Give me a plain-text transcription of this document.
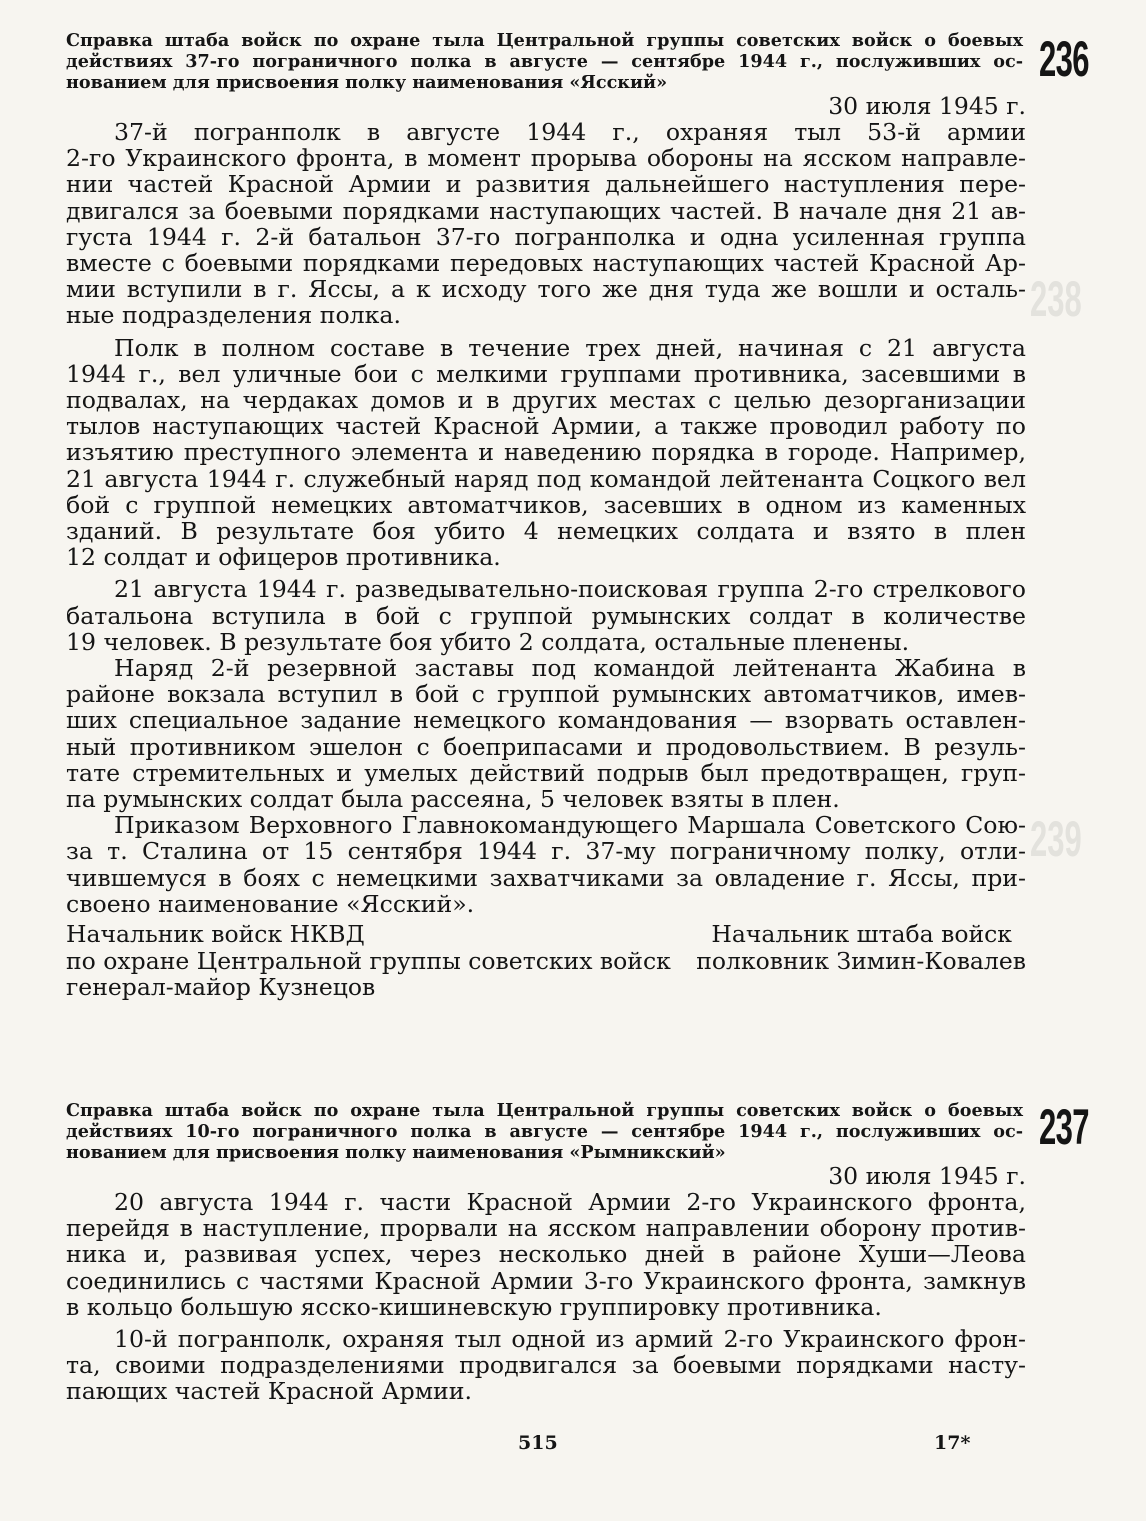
238
239
236
Справка штаба войск по охране тыла Центральной группы советских войск о боевых
действиях 37-го пограничного полка в августе — сентябре 1944 г., послуживших ос-
нованием для присвоения полку наименования «Ясский»
30 июля 1945 г.

37-й погранполк в августе 1944 г., охраняя тыл 53-й армии
2-го Украинского фронта, в момент прорыва обороны на ясском направле-
нии частей Красной Армии и развития дальнейшего наступления пере-
двигался за боевыми порядками наступающих частей. В начале дня 21 ав-
густа 1944 г. 2-й батальон 37-го погранполка и одна усиленная группа
вместе с боевыми порядками передовых наступающих частей Красной Ар-
мии вступили в г. Яссы, а к исходу того же дня туда же вошли и осталь-
ные подразделения полка.

Полк в полном составе в течение трех дней, начиная с 21 августа
1944 г., вел уличные бои с мелкими группами противника, засевшими в
подвалах, на чердаках домов и в других местах с целью дезорганизации
тылов наступающих частей Красной Армии, а также проводил работу по
изъятию преступного элемента и наведению порядка в городе. Например,
21 августа 1944 г. служебный наряд под командой лейтенанта Соцкого вел
бой с группой немецких автоматчиков, засевших в одном из каменных
зданий. В результате боя убито 4 немецких солдата и взято в плен
12 солдат и офицеров противника.

21 августа 1944 г. разведывательно-поисковая группа 2-го стрелкового
батальона вступила в бой с группой румынских солдат в количестве
19 человек. В результате боя убито 2 солдата, остальные пленены.

Наряд 2-й резервной заставы под командой лейтенанта Жабина в
районе вокзала вступил в бой с группой румынских автоматчиков, имев-
ших специальное задание немецкого командования — взорвать оставлен-
ный противником эшелон с боеприпасами и продовольствием. В резуль-
тате стремительных и умелых действий подрыв был предотвращен, груп-
па румынских солдат была рассеяна, 5 человек взяты в плен.

Приказом Верховного Главнокомандующего Маршала Советского Сою-
за т. Сталина от 15 сентября 1944 г. 37-му пограничному полку, отли-
чившемуся в боях с немецкими захватчиками за овладение г. Яссы, при-
своено наименование «Ясский».

Начальник войск НКВД	Начальник штаба войск
по охране Центральной группы советских войск полковник Зимин-Ковалев
генерал-майор Кузнецов
237
Справка штаба войск по охране тыла Центральной группы советских войск о боевых
действиях 10-го пограничного полка в августе — сентябре 1944 г., послуживших ос-
нованием для присвоения полку наименования «Рымникский»
30 июля 1945 г.

20 августа 1944 г. части Красной Армии 2-го Украинского фронта,
перейдя в наступление, прорвали на ясском направлении оборону против-
ника и, развивая успех, через несколько дней в районе Хуши—Леова
соединились с частями Красной Армии 3-го Украинского фронта, замкнув
в кольцо большую ясско-кишиневскую группировку противника.

10-й погранполк, охраняя тыл одной из армий 2-го Украинского фрон-
та, своими подразделениями продвигался за боевыми порядками насту-
пающих частей Красной Армии.

515	17*
